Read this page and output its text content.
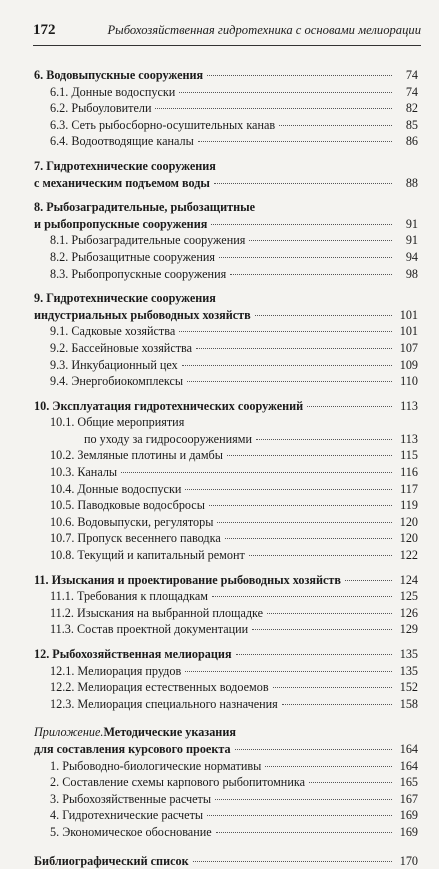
172	Рыбохозяйственная гидротехника с основами мелиорации
6. Водовыпускные сооружения	74
6.1. Донные водоспуски	74
6.2. Рыбоуловители	82
6.3. Сеть рыбосборно-осушительных канав	85
6.4. Водоотводящие каналы	86
7. Гидротехнические сооружения
с механическим подъемом воды	88
8. Рыбозаградительные, рыбозащитные
и рыбопропускные сооружения	91
8.1. Рыбозаградительные сооружения	91
8.2. Рыбозащитные сооружения	94
8.3. Рыбопропускные сооружения	98
9. Гидротехнические сооружения
индустриальных рыбоводных хозяйств	101
9.1. Садковые хозяйства	101
9.2. Бассейновые хозяйства	107
9.3. Инкубационный цех	109
9.4. Энергобиокомплексы	110
10. Эксплуатация гидротехнических сооружений	113
10.1. Общие мероприятия
по уходу за гидросооружениями	113
10.2. Земляные плотины и дамбы	115
10.3. Каналы	116
10.4. Донные водоспуски	117
10.5. Паводковые водосбросы	119
10.6. Водовыпуски, регуляторы	120
10.7. Пропуск весеннего паводка	120
10.8. Текущий и капитальный ремонт	122
11. Изыскания и проектирование рыбоводных хозяйств	124
11.1. Требования к площадкам	125
11.2. Изыскания на выбранной площадке	126
11.3. Состав проектной документации	129
12. Рыбохозяйственная мелиорация	135
12.1. Мелиорация прудов	135
12.2. Мелиорация естественных водоемов	152
12.3. Мелиорация специального назначения	158
Приложение. Методические указания
для составления курсового проекта	164
1. Рыбоводно-биологические нормативы	164
2. Составление схемы карпового рыбопитомника	165
3. Рыбохозяйственные расчеты	167
4. Гидротехнические расчеты	169
5. Экономическое обоснование	169
Библиографический список	170
